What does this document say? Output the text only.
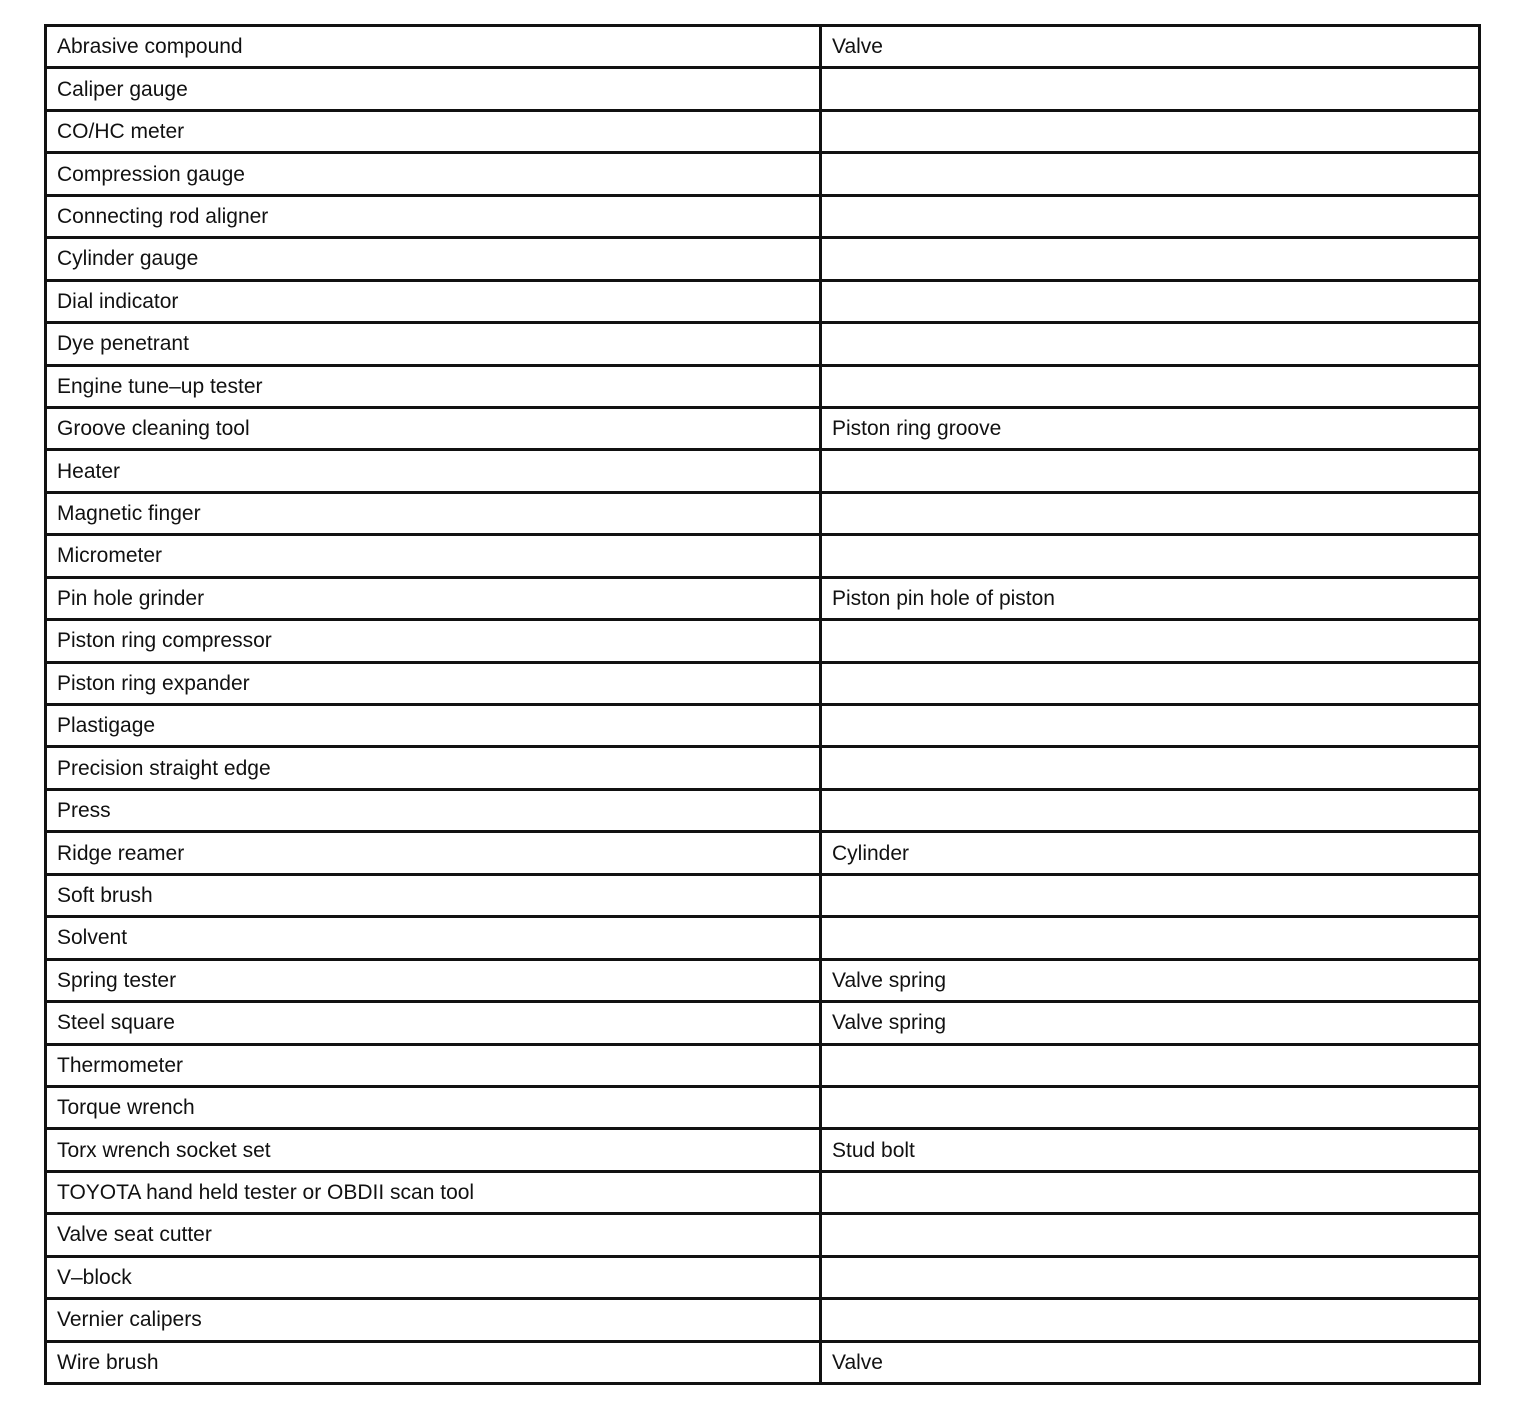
Abrasive compound	Valve
Caliper gauge	
CO/HC meter	
Compression gauge	
Connecting rod aligner	
Cylinder gauge	
Dial indicator	
Dye penetrant	
Engine tune–up tester	
Groove cleaning tool	Piston ring groove
Heater	
Magnetic finger	
Micrometer	
Pin hole grinder	Piston pin hole of piston
Piston ring compressor	
Piston ring expander	
Plastigage	
Precision straight edge	
Press	
Ridge reamer	Cylinder
Soft brush	
Solvent	
Spring tester	Valve spring
Steel square	Valve spring
Thermometer	
Torque wrench	
Torx wrench socket set	Stud bolt
TOYOTA hand held tester or OBDII scan tool	
Valve seat cutter	
V–block	
Vernier calipers	
Wire brush	Valve
